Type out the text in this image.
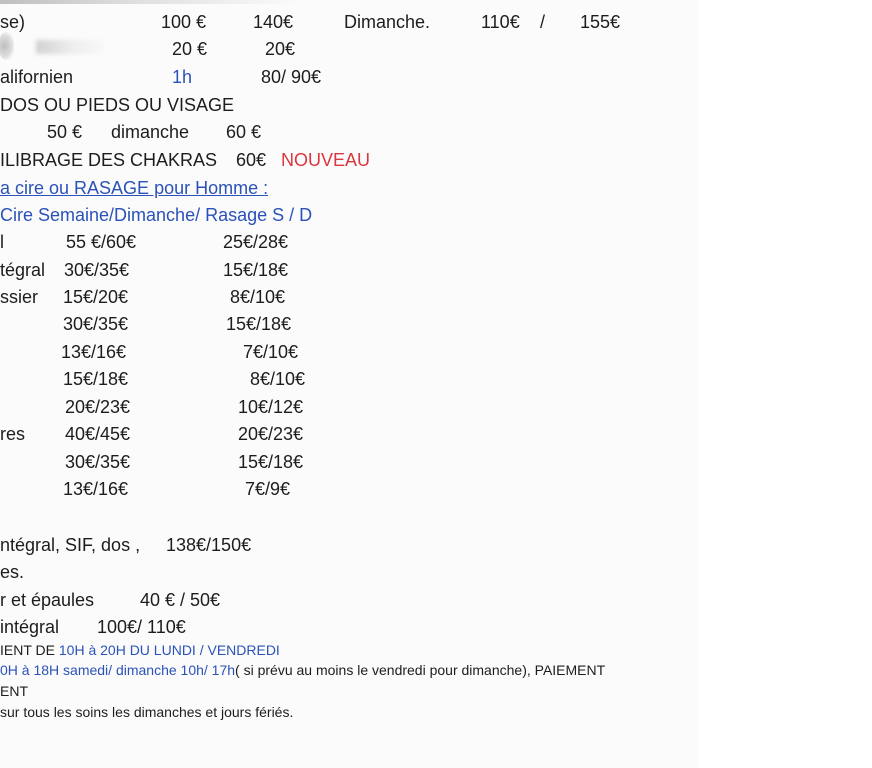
se)	100 €	140€	Dimanche.	110€ / 155€
20 €	20€
alifornien	1h	80/ 90€
DOS OU PIEDS OU VISAGE
50 € dimanche 60 €
ILIBRAGE DES CHAKRAS 60€ NOUVEAU
a cire ou RASAGE pour Homme :
Cire Semaine/Dimanche/ Rasage S / D
l	55 €/60€	25€/28€
tégral 30€/35€	15€/18€
ssier 15€/20€	8€/10€
30€/35€	15€/18€
13€/16€	7€/10€
15€/18€	8€/10€
20€/23€	10€/12€
res 40€/45€	20€/23€
30€/35€	15€/18€
13€/16€	7€/9€
ntégral, SIF, dos , 138€/150€
es.
r et épaules	40 € / 50€
intégral 100€/ 110€
IENT DE 10H à 20H DU LUNDI / VENDREDI
0H à 18H samedi/ dimanche 10h/ 17h( si prévu au moins le vendredi pour dimanche), PAIEMENT
ENT
sur tous les soins les dimanches et jours fériés.
